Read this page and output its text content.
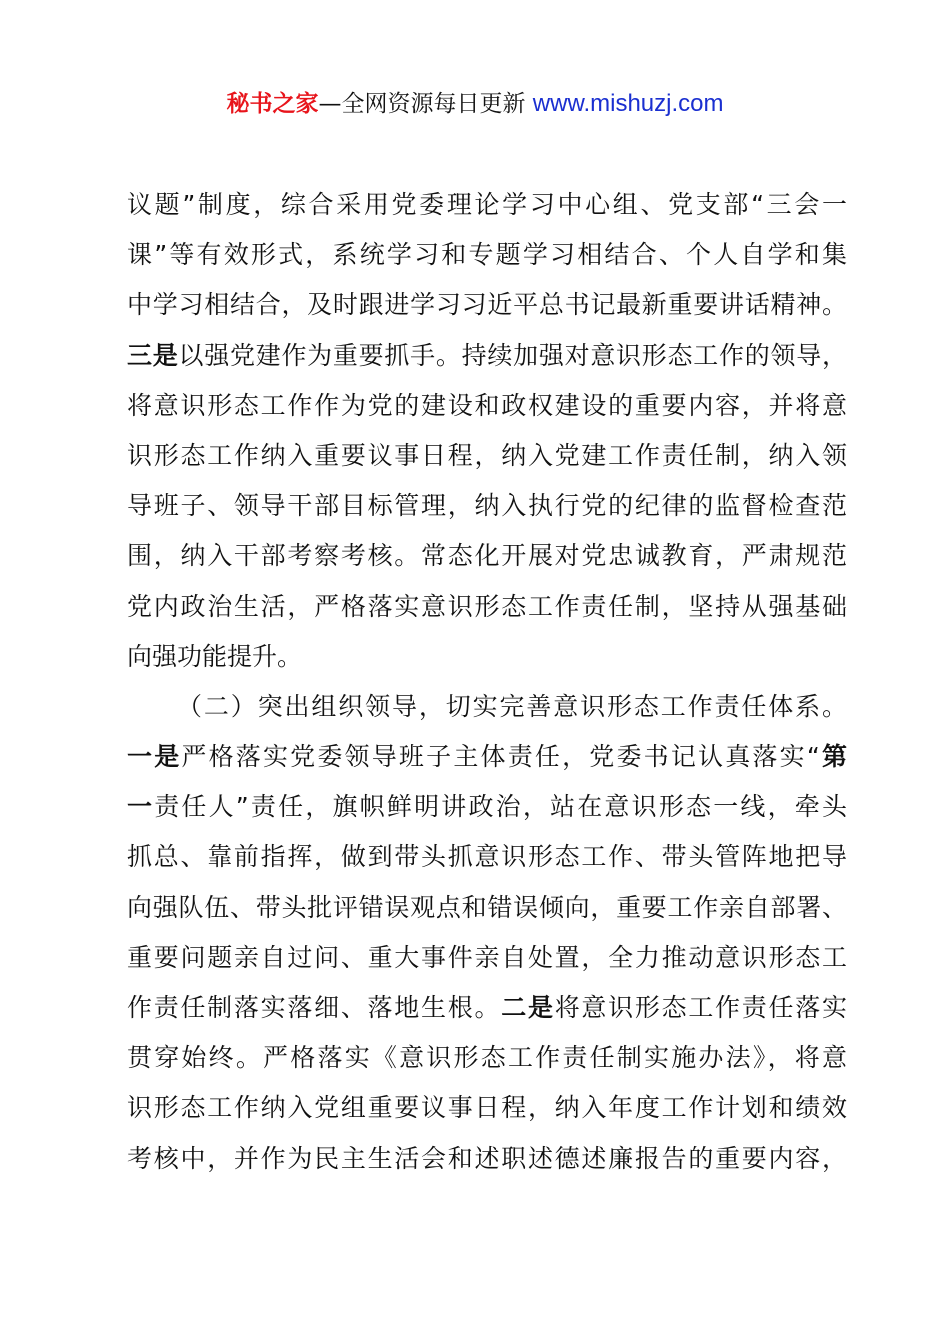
秘书之家—全网资源每日更新 www.mishuzj.com
议题”制度，综合采用党委理论学习中心组、党支部“三会一
课”等有效形式，系统学习和专题学习相结合、个人自学和集
中学习相结合，及时跟进学习习近平总书记最新重要讲话精神。
三是以强党建作为重要抓手。持续加强对意识形态工作的领导，
将意识形态工作作为党的建设和政权建设的重要内容，并将意
识形态工作纳入重要议事日程，纳入党建工作责任制，纳入领
导班子、领导干部目标管理，纳入执行党的纪律的监督检查范
围，纳入干部考察考核。常态化开展对党忠诚教育，严肃规范
党内政治生活，严格落实意识形态工作责任制，坚持从强基础
向强功能提升。
（二）突出组织领导，切实完善意识形态工作责任体系。
一是严格落实党委领导班子主体责任，党委书记认真落实“第
一责任人”责任，旗帜鲜明讲政治，站在意识形态一线，牵头
抓总、靠前指挥，做到带头抓意识形态工作、带头管阵地把导
向强队伍、带头批评错误观点和错误倾向，重要工作亲自部署、
重要问题亲自过问、重大事件亲自处置，全力推动意识形态工
作责任制落实落细、落地生根。二是将意识形态工作责任落实
贯穿始终。严格落实《意识形态工作责任制实施办法》，将意
识形态工作纳入党组重要议事日程，纳入年度工作计划和绩效
考核中，并作为民主生活会和述职述德述廉报告的重要内容，
